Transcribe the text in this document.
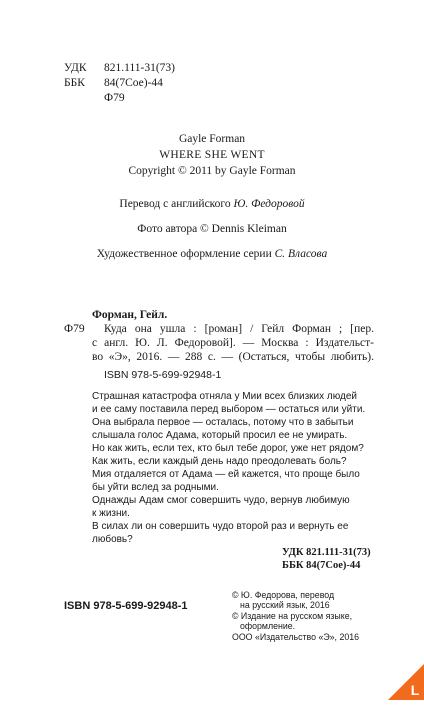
УДК 821.111-31(73)
ББК 84(7Сое)-44
Ф79
Gayle Forman
WHERE SHE WENT
Copyright © 2011 by Gayle Forman
Перевод с английского Ю. Федоровой
Фото автора © Dennis Kleiman
Художественное оформление серии С. Власова
Форман, Гейл.
Ф79 Куда она ушла : [роман] / Гейл Форман ; [пер.
с англ. Ю. Л. Федоровой]. — Москва : Издательст-
во «Э», 2016. — 288 с. — (Остаться, чтобы любить).
ISBN 978-5-699-92948-1
Страшная катастрофа отняла у Мии всех близких людей
и ее саму поставила перед выбором — остаться или уйти.
Она выбрала первое — осталась, потому что в забытьи
слышала голос Адама, который просил ее не умирать.
Но как жить, если тех, кто был тебе дорог, уже нет рядом?
Как жить, если каждый день надо преодолевать боль?
Мия отдаляется от Адама — ей кажется, что проще было
бы уйти вслед за родными.
Однажды Адам смог совершить чудо, вернув любимую
к жизни.
В силах ли он совершить чудо второй раз и вернуть ее
любовь?
УДК 821.111-31(73)
ББК 84(7Сое)-44
ISBN 978-5-699-92948-1
© Ю. Федорова, перевод
на русский язык, 2016
© Издание на русском языке,
оформление.
ООО «Издательство «Э», 2016
L
